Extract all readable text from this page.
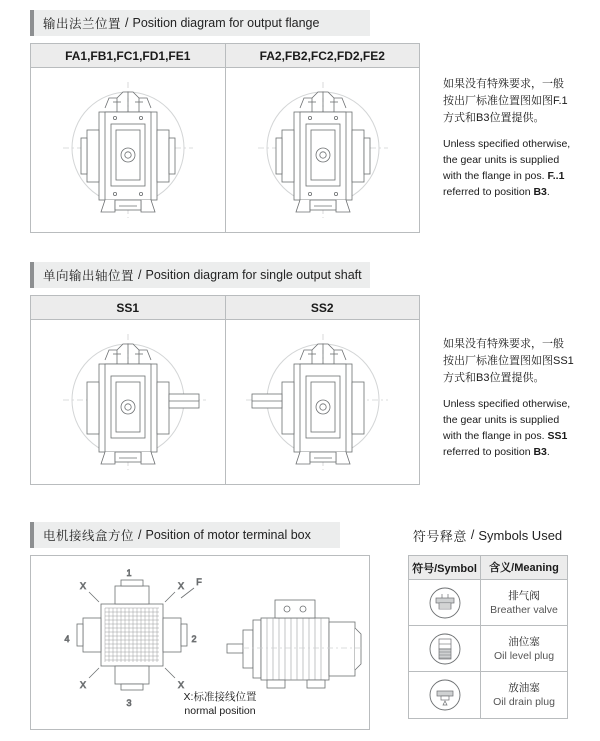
输出法兰位置 / Position diagram for output flange
FA1,FB1,FC1,FD1,FE1	FA2,FB2,FC2,FD2,FE2
如果没有特殊要求，一般
按出厂标准位置图如图F.1
方式和B3位置提供。
Unless specified otherwise,
the gear units is supplied
with the flange in pos. F..1
referred to position B3.
单向输出轴位置 / Position diagram for single output shaft
SS1	SS2
如果没有特殊要求，一般
按出厂标准位置图如图SS1
方式和B3位置提供。
Unless specified otherwise,
the gear units is supplied
with the flange in pos. SS1
referred to position B3.
电机接线盒方位 / Position of motor terminal box	符号释意 / Symbols Used
1
2
3
4
X	X
X	X
F
X:标准接线位置
normal position
符号/Symbol	含义/Meaning
排气阀
Breather valve
油位塞
Oil level plug
放油塞
Oil drain plug
